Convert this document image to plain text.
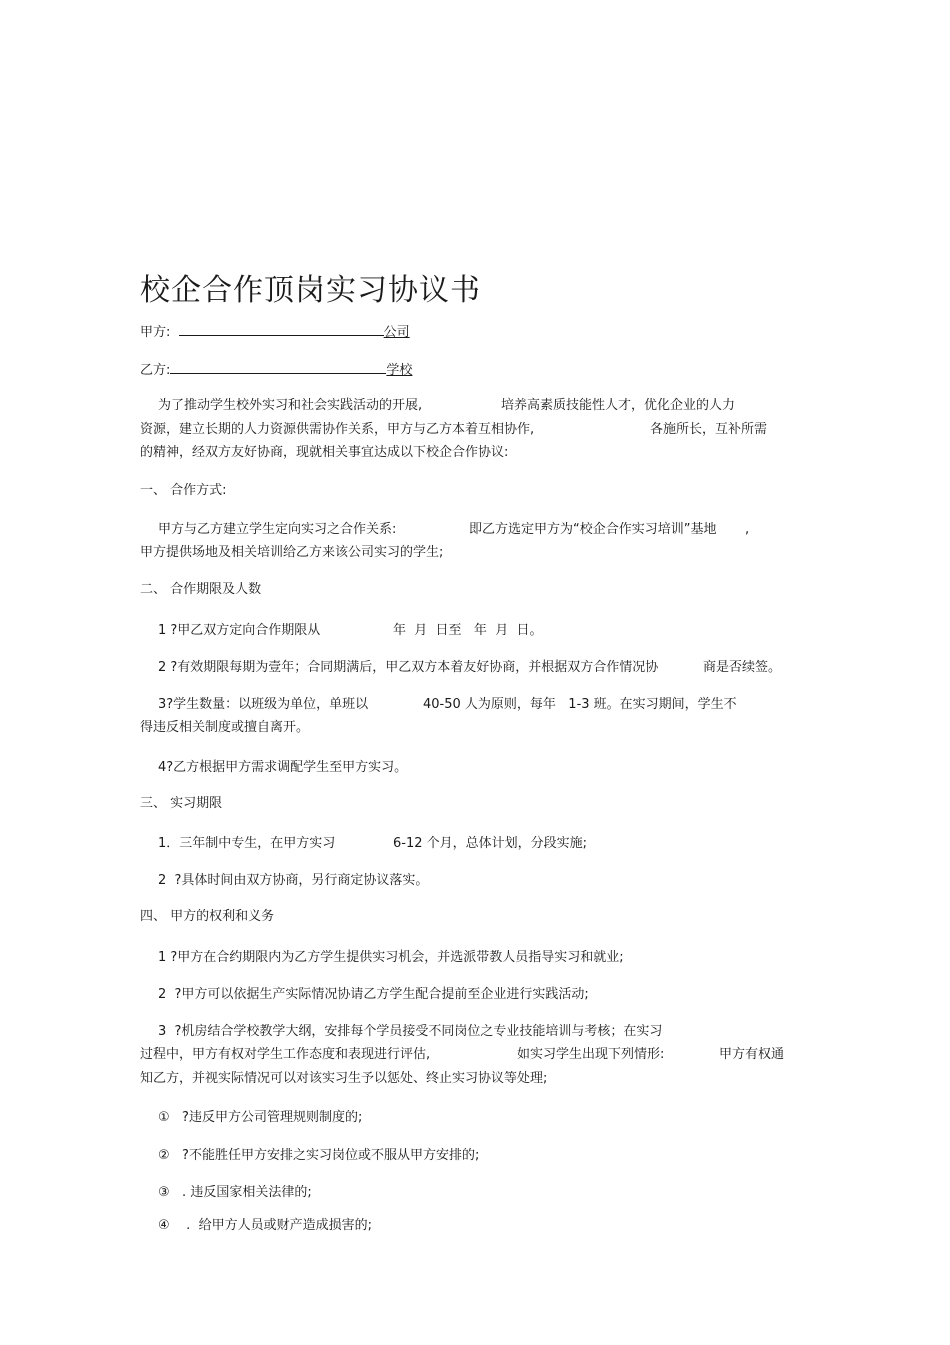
校企合作顶岗实习协议书
甲方:	公司
乙方:	学校
为了推动学生校外实习和社会实践活动的开展,	培养高素质技能性人才，优化企业的人力
资源，建立长期的人力资源供需协作关系，甲方与乙方本着互相协作,	各施所长，互补所需
的精神，经双方友好协商，现就相关事宜达成以下校企合作协议:
一、 合作方式:
甲方与乙方建立学生定向实习之合作关系:	即乙方选定甲方为“校企合作实习培训”基地 ,
甲方提供场地及相关培训给乙方来该公司实习的学生;
二、 合作期限及人数
1 ?甲乙双方定向合作期限从	年  月  日至   年  月  日。
2 ?有效期限每期为壹年；合同期满后，甲乙双方本着友好协商，并根据双方合作情况协	商是否续签。
3?学生数量：以班级为单位，单班以	40-50 人为原则，每年   1-3 班。在实习期间，学生不
得违反相关制度或擅自离开。
4?乙方根据甲方需求调配学生至甲方实习。
三、 实习期限
1．三年制中专生，在甲方实习	6-12 个月，总体计划，分段实施;
2  ?具体时间由双方协商，另行商定协议落实。
四、 甲方的权利和义务
1 ?甲方在合约期限内为乙方学生提供实习机会，并选派带教人员指导实习和就业;
2  ?甲方可以依据生产实际情况协请乙方学生配合提前至企业进行实践活动;
3  ?机房结合学校教学大纲，安排每个学员接受不同岗位之专业技能培训与考核；在实习
过程中，甲方有权对学生工作态度和表现进行评估,	如实习学生出现下列情形:	甲方有权通
知乙方，并视实际情况可以对该实习生予以惩处、终止实习协议等处理;
①   ?违反甲方公司管理规则制度的;
②   ?不能胜任甲方安排之实习岗位或不服从甲方安排的;
③   . 违反国家相关法律的;
④    .  给甲方人员或财产造成损害的;
